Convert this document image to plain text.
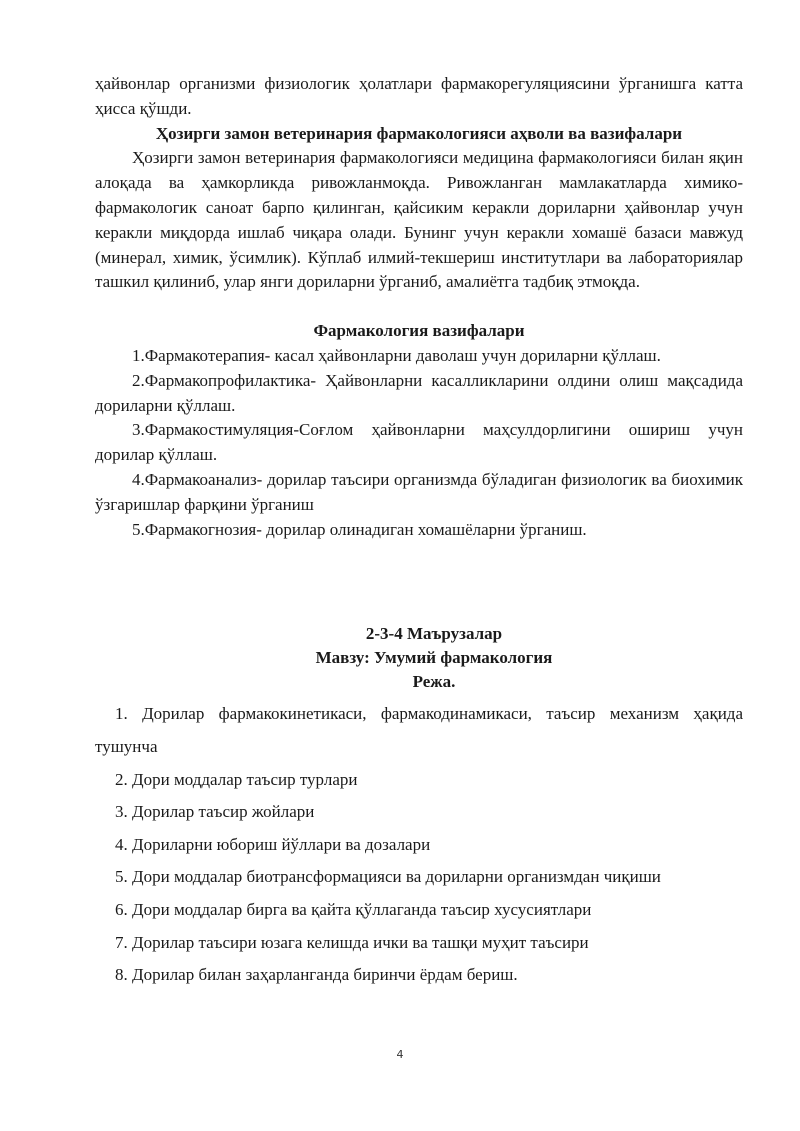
ҳайвонлар организми физиологик ҳолатлари фармакорегуляциясини ўрганишга катта ҳисса қўшди.

Ҳозирги замон ветеринария фармакологияси аҳволи ва вазифалари

Ҳозирги замон ветеринария фармакологияси медицина фармакологияси билан яқин алоқада ва ҳамкорликда ривожланмоқда. Ривожланган мамлакатларда химико-фармакологик саноат барпо қилинган, қайсиким керакли дориларни ҳайвонлар учун керакли миқдорда ишлаб чиқара олади. Бунинг учун керакли хомашё базаси мавжуд (минерал, химик, ўсимлик). Кўплаб илмий-текшериш институтлари ва лабораториялар ташкил қилиниб, улар янги дориларни ўрганиб, амалиётга тадбиқ этмоқда.

Фармакология вазифалари

1.Фармакотерапия- касал ҳайвонларни даволаш учун дориларни қўллаш.

2.Фармакопрофилактика- Ҳайвонларни касалликларини олдини олиш мақсадида дориларни қўллаш.

3.Фармакостимуляция-Соғлом ҳайвонларни маҳсулдорлигини ошириш учун дорилар қўллаш.

4.Фармакоанализ- дорилар таъсири организмда бўладиган физиологик ва биохимик ўзгаришлар фарқини ўрганиш

5.Фармакогнозия- дорилар олинадиган хомашёларни ўрганиш.

2-3-4 Маърузалар

Мавзу: Умумий фармакология

Режа.

1. Дорилар фармакокинетикаси, фармакодинамикаси, таъсир механизм ҳақида тушунча

2. Дори моддалар таъсир турлари

3. Дорилар таъсир жойлари

4. Дориларни юбориш йўллари ва дозалари

5. Дори моддалар биотрансформацияси ва дориларни организмдан чиқиши

6. Дори моддалар бирга ва қайта қўллаганда таъсир хусусиятлари

7. Дорилар таъсири юзага келишда ички ва ташқи муҳит таъсири

8. Дорилар билан заҳарланганда биринчи ёрдам бериш.

4
